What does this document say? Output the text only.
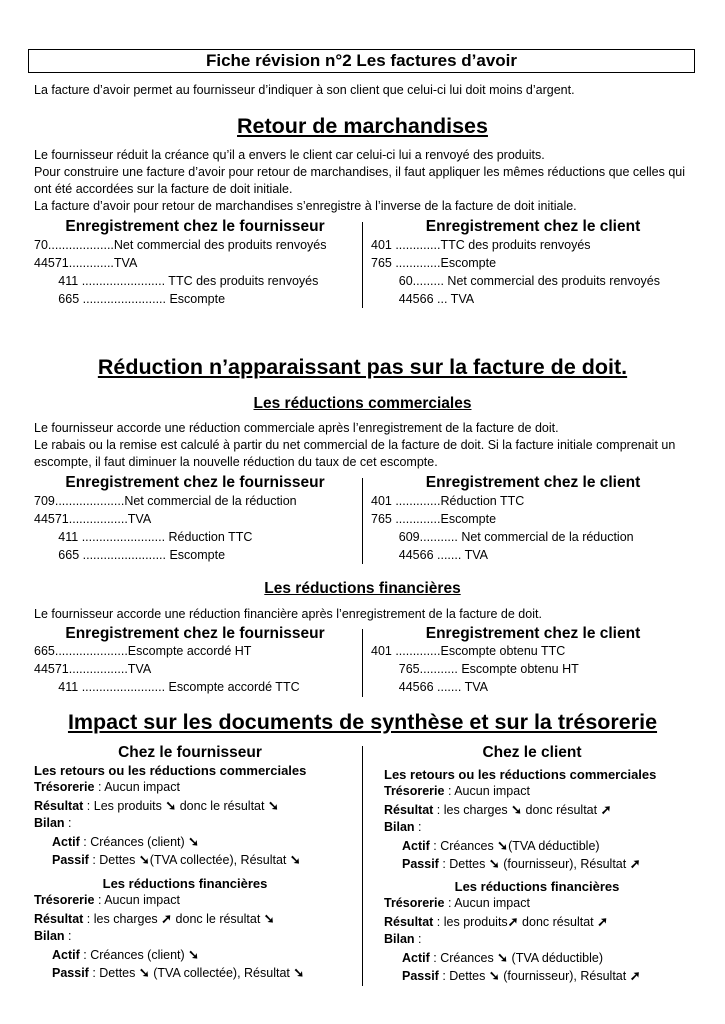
Fiche révision n°2 Les factures d’avoir
La facture d’avoir permet au fournisseur d’indiquer à son client que celui-ci lui doit moins d’argent.
Retour de marchandises
Le fournisseur réduit la créance qu’il a envers le client car celui-ci lui a renvoyé des produits.
Pour construire une facture d’avoir pour retour de marchandises, il faut appliquer les mêmes réductions que celles qui ont été accordées sur la facture de doit initiale.
La facture d’avoir pour retour de marchandises s’enregistre à l’inverse de la facture de doit initiale.
Enregistrement chez le fournisseur	Enregistrement chez le client
70...................Net commercial des produits renvoyés
44571.............TVA
411 ........................ TTC des produits renvoyés
665 ........................ Escompte
401 .............TTC des produits renvoyés
765 .............Escompte
60......... Net commercial des produits renvoyés
44566 ... TVA
Réduction n’apparaissant pas sur la facture de doit.
Les réductions commerciales
Le fournisseur accorde une réduction commerciale après l’enregistrement de la facture de doit.
Le rabais ou la remise est calculé à partir du net commercial de la facture de doit. Si la facture initiale comprenait un escompte, il faut diminuer la nouvelle réduction du taux de cet escompte.
Enregistrement chez le fournisseur	Enregistrement chez le client
709....................Net commercial de la réduction
44571.................TVA
411 ........................ Réduction TTC
665 ........................ Escompte
401 .............Réduction TTC
765 .............Escompte
609........... Net commercial de la réduction
44566 ....... TVA
Les réductions financières
Le fournisseur accorde une réduction financière après l’enregistrement de la facture de doit.
Enregistrement chez le fournisseur	Enregistrement chez le client
665.....................Escompte accordé HT
44571.................TVA
411 ........................ Escompte accordé TTC
401 .............Escompte obtenu TTC
765........... Escompte obtenu HT
44566 ....... TVA
Impact sur les documents de synthèse et sur la trésorerie
Chez le fournisseur	Chez le client
Les retours ou les réductions commerciales
Trésorerie : Aucun impact
Résultat : Les produits ➘ donc le résultat ➘
Bilan :
Actif : Créances (client) ➘
Passif : Dettes ➘(TVA collectée), Résultat ➘
Les réductions financières
Trésorerie : Aucun impact
Résultat : les charges ➚ donc le résultat ➘
Bilan :
Actif : Créances (client) ➘
Passif : Dettes ➘ (TVA collectée), Résultat ➘
Les retours ou les réductions commerciales
Trésorerie : Aucun impact
Résultat : les charges ➘ donc résultat ➚
Bilan :
Actif : Créances ➘(TVA déductible)
Passif : Dettes ➘ (fournisseur), Résultat ➚
Les réductions financières
Trésorerie : Aucun impact
Résultat : les produits➚ donc résultat ➚
Bilan :
Actif : Créances ➘ (TVA déductible)
Passif : Dettes ➘ (fournisseur), Résultat ➚
